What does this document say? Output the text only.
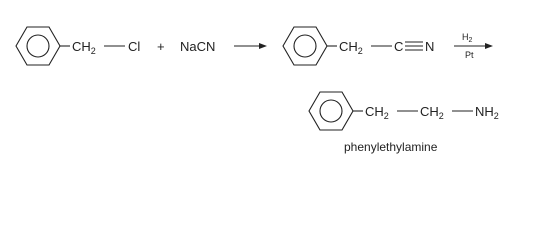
$CH_2$ Cl + NaCN	$CH_2$ C N
$H_2$
Pt
$CH_2$ $CH_2$ $NH_2$
phenylethylamine
